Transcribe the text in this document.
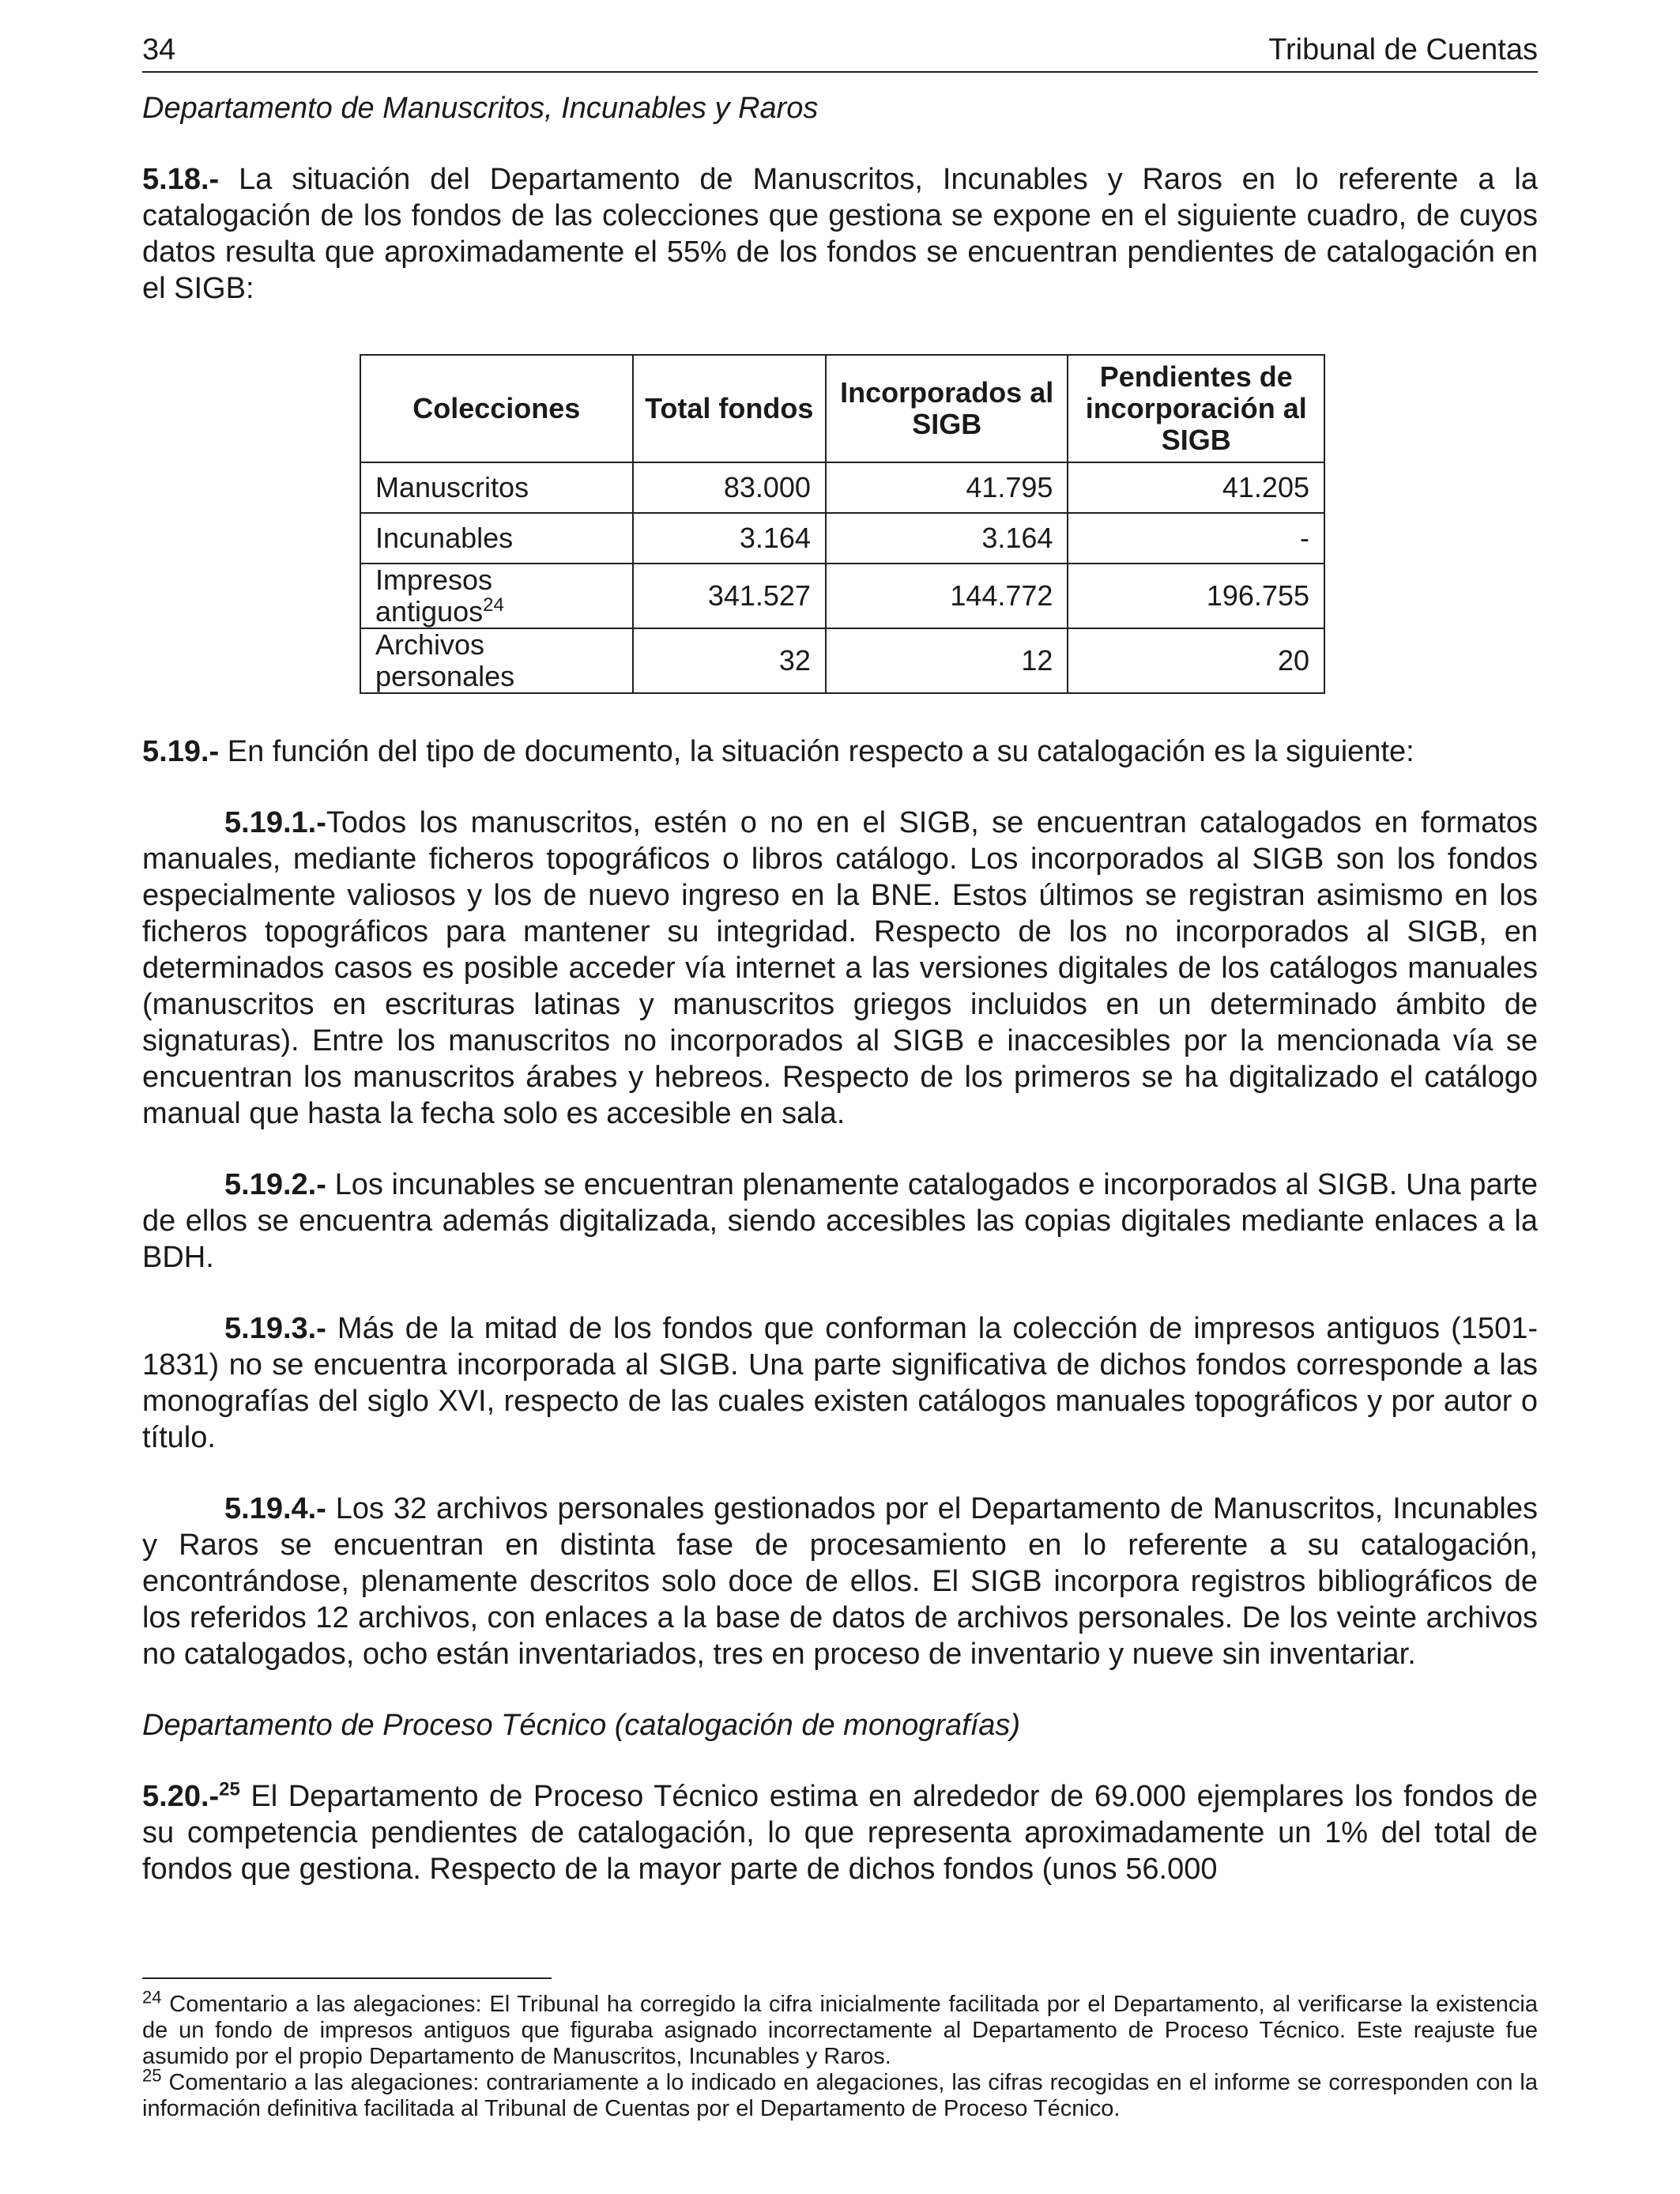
34	Tribunal de Cuentas
Departamento de Manuscritos, Incunables y Raros

5.18.- La situación del Departamento de Manuscritos, Incunables y Raros en lo referente a la catalogación de los fondos de las colecciones que gestiona se expone en el siguiente cuadro, de cuyos datos resulta que aproximadamente el 55% de los fondos se encuentran pendientes de catalogación en el SIGB:

Colecciones	Total fondos	Incorporados al SIGB	Pendientes de incorporación al SIGB
Manuscritos	83.000	41.795	41.205
Incunables	3.164	3.164	-
Impresos antiguos$^{24}$	341.527	144.772	196.755
Archivos personales	32	12	20

5.19.- En función del tipo de documento, la situación respecto a su catalogación es la siguiente:

5.19.1.-Todos los manuscritos, estén o no en el SIGB, se encuentran catalogados en formatos manuales, mediante ficheros topográficos o libros catálogo. Los incorporados al SIGB son los fondos especialmente valiosos y los de nuevo ingreso en la BNE. Estos últimos se registran asimismo en los ficheros topográficos para mantener su integridad. Respecto de los no incorporados al SIGB, en determinados casos es posible acceder vía internet a las versiones digitales de los catálogos manuales (manuscritos en escrituras latinas y manuscritos griegos incluidos en un determinado ámbito de signaturas). Entre los manuscritos no incorporados al SIGB e inaccesibles por la mencionada vía se encuentran los manuscritos árabes y hebreos. Respecto de los primeros se ha digitalizado el catálogo manual que hasta la fecha solo es accesible en sala.

5.19.2.- Los incunables se encuentran plenamente catalogados e incorporados al SIGB. Una parte de ellos se encuentra además digitalizada, siendo accesibles las copias digitales mediante enlaces a la BDH.

5.19.3.- Más de la mitad de los fondos que conforman la colección de impresos antiguos (1501-1831) no se encuentra incorporada al SIGB. Una parte significativa de dichos fondos corresponde a las monografías del siglo XVI, respecto de las cuales existen catálogos manuales topográficos y por autor o título.

5.19.4.- Los 32 archivos personales gestionados por el Departamento de Manuscritos, Incunables y Raros se encuentran en distinta fase de procesamiento en lo referente a su catalogación, encontrándose, plenamente descritos solo doce de ellos. El SIGB incorpora registros bibliográficos de los referidos 12 archivos, con enlaces a la base de datos de archivos personales. De los veinte archivos no catalogados, ocho están inventariados, tres en proceso de inventario y nueve sin inventariar.

Departamento de Proceso Técnico (catalogación de monografías)

5.20.-$^{25}$ El Departamento de Proceso Técnico estima en alrededor de 69.000 ejemplares los fondos de su competencia pendientes de catalogación, lo que representa aproximadamente un 1% del total de fondos que gestiona. Respecto de la mayor parte de dichos fondos (unos 56.000

$^{24}$ Comentario a las alegaciones: El Tribunal ha corregido la cifra inicialmente facilitada por el Departamento, al verificarse la existencia de un fondo de impresos antiguos que figuraba asignado incorrectamente al Departamento de Proceso Técnico. Este reajuste fue asumido por el propio Departamento de Manuscritos, Incunables y Raros.

$^{25}$ Comentario a las alegaciones: contrariamente a lo indicado en alegaciones, las cifras recogidas en el informe se corresponden con la información definitiva facilitada al Tribunal de Cuentas por el Departamento de Proceso Técnico.
